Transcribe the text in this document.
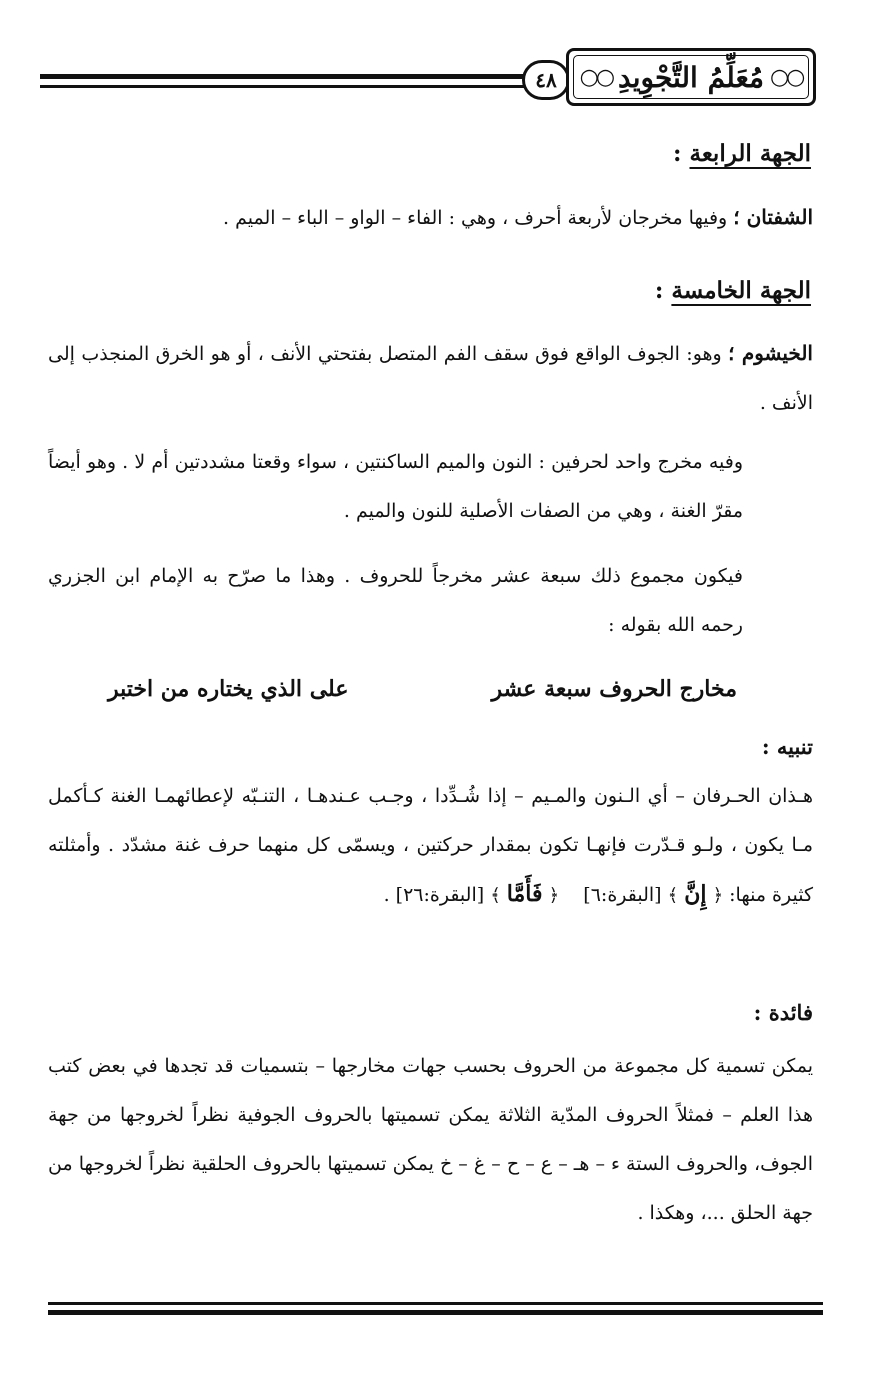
٤٨	○○
مُعَلِّمُ التَّجْوِيدِ
○○
الجهة الرابعة :
الشفتان ؛ وفيها مخرجان لأربعة أحرف ، وهي : الفاء – الواو – الباء – الميم .
الجهة الخامسة :
الخيشوم ؛ وهو: الجوف الواقع فوق سقف الفم المتصل بفتحتي الأنف ، أو هو الخرق المنجذب إلى الأنف .
وفيه مخرج واحد لحرفين : النون والميم الساكنتين ، سواء وقعتا مشددتين أم لا . وهو أيضاً مقرّ الغنة ، وهي من الصفات الأصلية للنون والميم .
فيكون مجموع ذلك سبعة عشر مخرجاً للحروف . وهذا ما صرّح به الإمام ابن الجزري رحمه الله بقوله :
مخارج الحروف سبعة عشر
على الذي يختاره من اختبر
تنبيه :
هـذان الحـرفان – أي الـنون والمـيم – إذا شُـدِّدا ، وجـب عـندهـا ، التنـبّه لإعطائهمـا الغنة كـأكمل مـا يكون ، ولـو قـدّرت فإنهـا تكون بمقدار حركتين ، ويسمّى كل منهما حرف غنة مشدّد . وأمثلته كثيرة منها: ﴿ إِنَّ ﴾ [البقرة:٦]    ﴿ فَأَمَّا ﴾ [البقرة:٢٦] .
فائدة :
يمكن تسمية كل مجموعة من الحروف بحسب جهات مخارجها – بتسميات قد تجدها في بعض كتب هذا العلم – فمثلاً الحروف المدّية الثلاثة يمكن تسميتها بالحروف الجوفية نظراً لخروجها من جهة الجوف، والحروف الستة ء – هـ – ع – ح – غ – خ يمكن تسميتها بالحروف الحلقية نظراً لخروجها من جهة الحلق ...، وهكذا .
